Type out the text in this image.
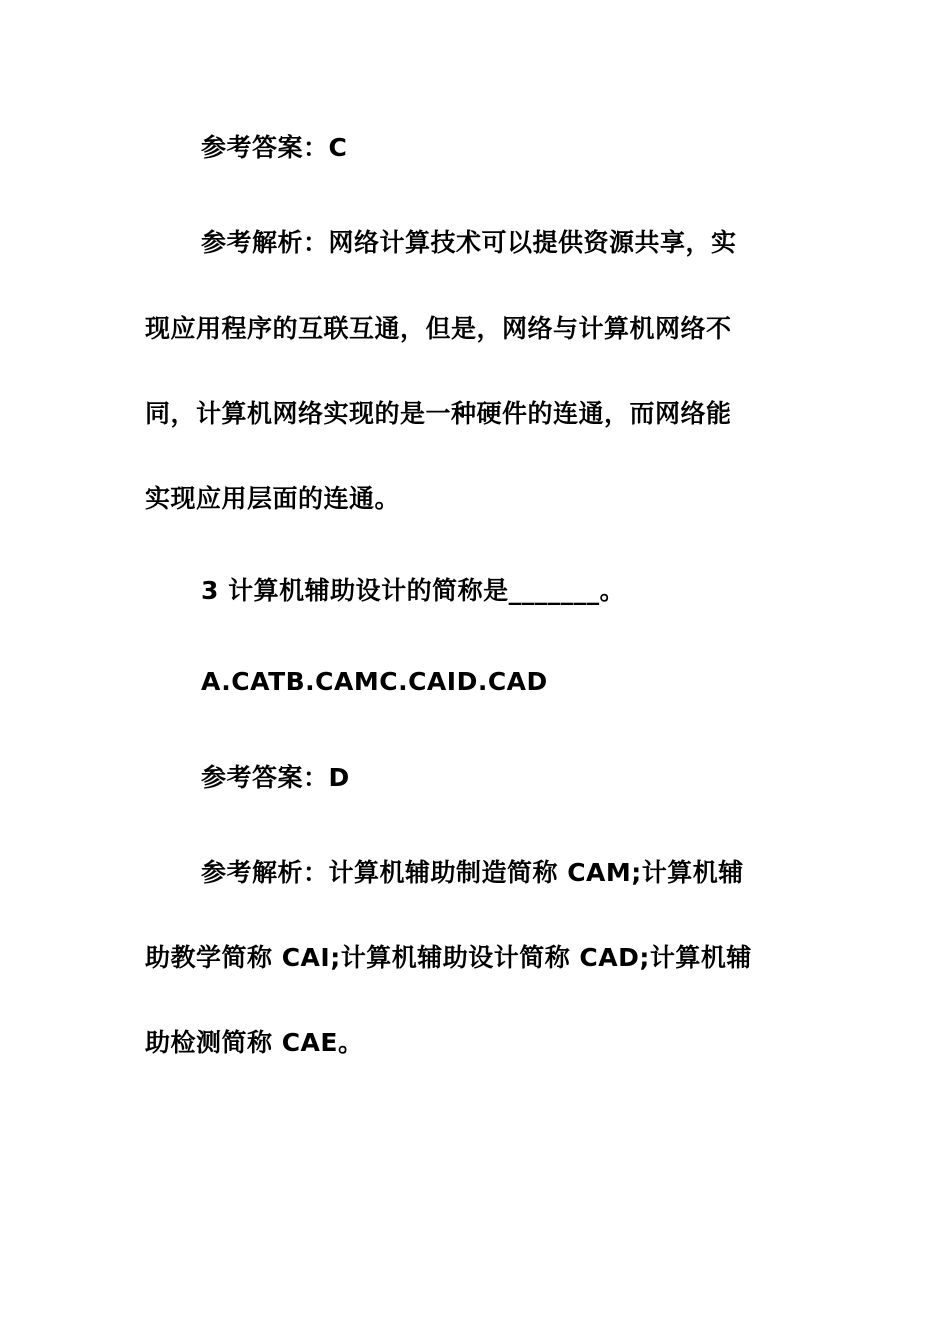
参考答案：C
参考解析：网络计算技术可以提供资源共享，实
现应用程序的互联互通，但是，网络与计算机网络不
同，计算机网络实现的是一种硬件的连通，而网络能
实现应用层面的连通。
3 计算机辅助设计的简称是_______。
A.CATB.CAMC.CAID.CAD
参考答案：D
参考解析：计算机辅助制造简称 CAM;计算机辅
助教学简称 CAI;计算机辅助设计简称 CAD;计算机辅
助检测简称 CAE。
